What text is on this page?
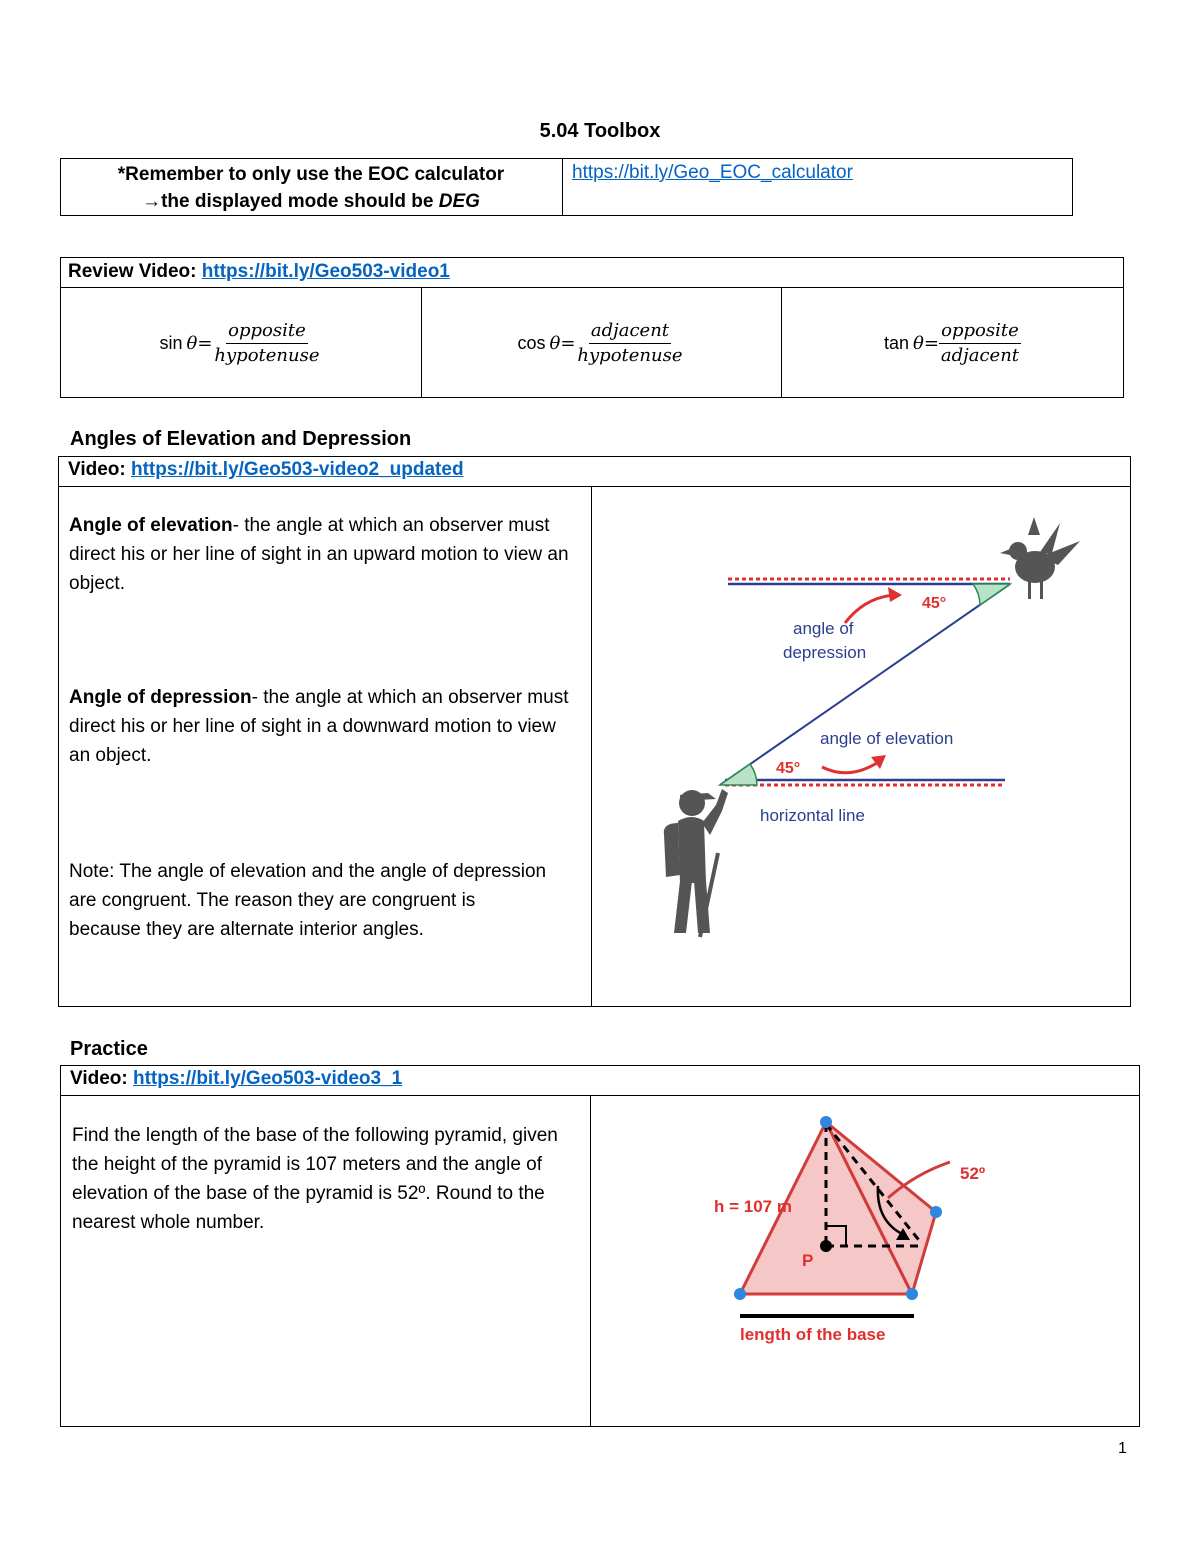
5.04 Toolbox
*Remember to only use the EOC calculator
→the displayed mode should be DEG
https://bit.ly/Geo_EOC_calculator
Review Video: https://bit.ly/Geo503-video1
$\sin \theta = \frac{\text{opposite}}{\text{hypotenuse}}$	$\cos \theta = \frac{\text{adjacent}}{\text{hypotenuse}}$	$\tan \theta = \frac{\text{opposite}}{\text{adjacent}}$
Angles of Elevation and Depression
Video: https://bit.ly/Geo503-video2_updated
Angle of elevation- the angle at which an observer must direct his or her line of sight in an upward motion to view an object.
Angle of depression- the angle at which an observer must direct his or her line of sight in a downward motion to view an object.
Note: The angle of elevation and the angle of depression are congruent. The reason they are congruent is because they are alternate interior angles.
45°
45°
angle of
depression
angle of elevation
horizontal line
Practice
Video: https://bit.ly/Geo503-video3_1
Find the length of the base of the following pyramid, given the height of the pyramid is 107 meters and the angle of elevation of the base of the pyramid is 52º. Round to the nearest whole number.
h = 107 m
52º
P
length of the base
1
